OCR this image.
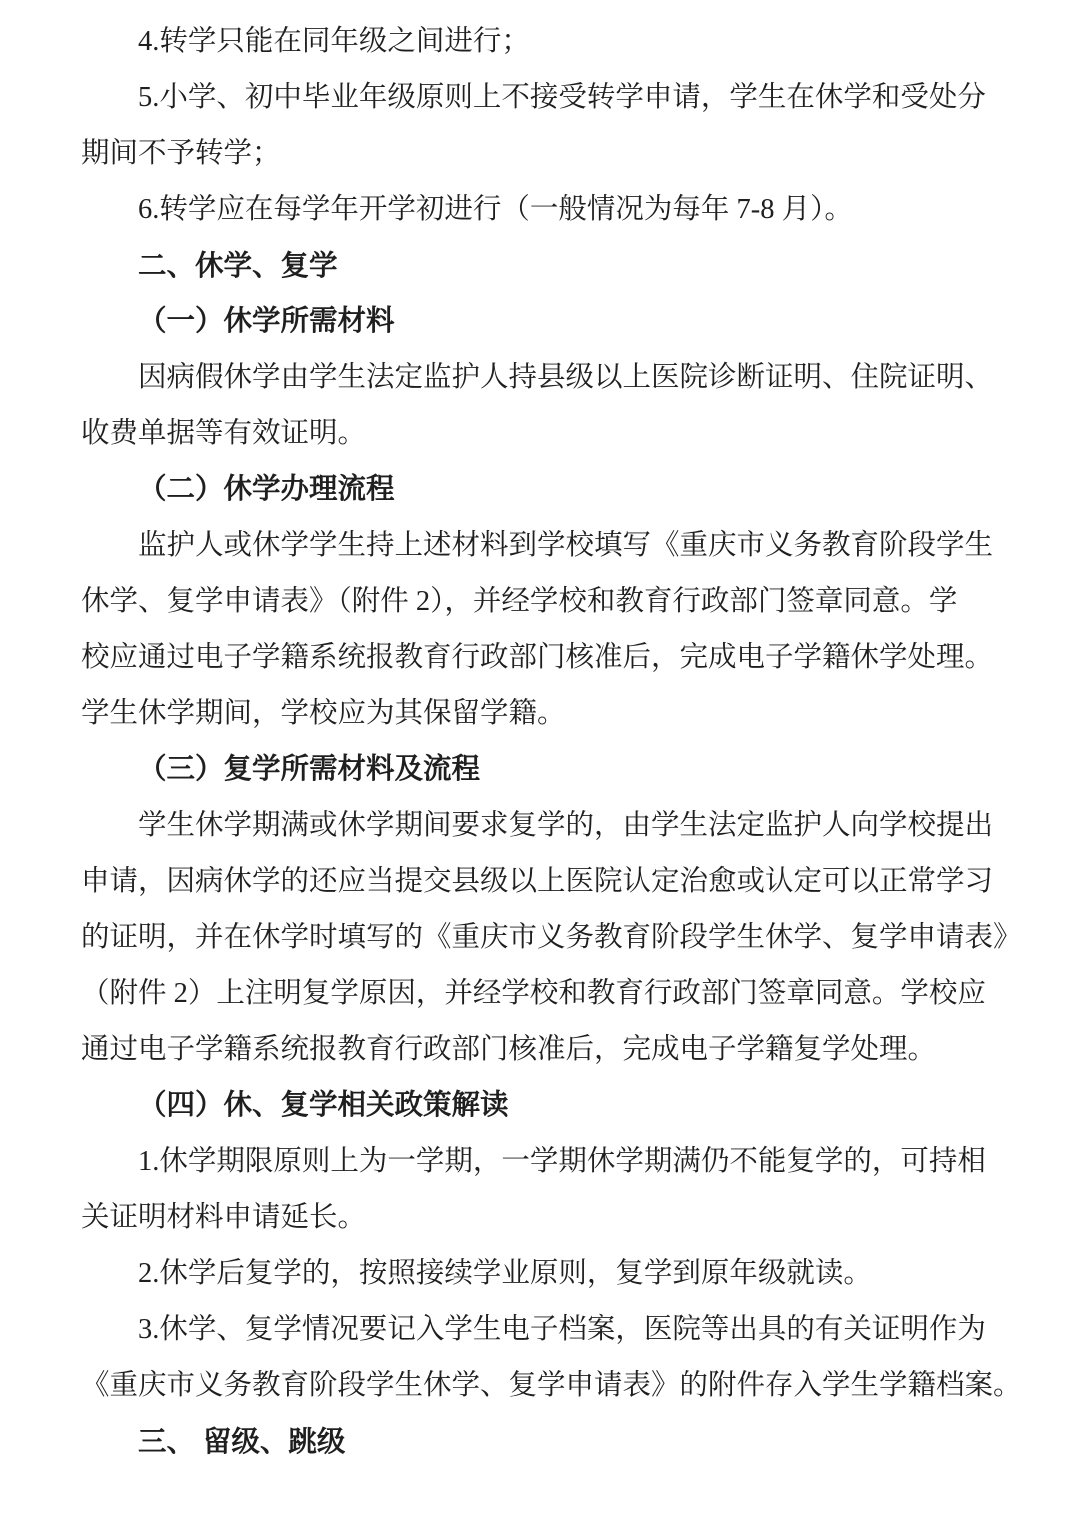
4.转学只能在同年级之间进行；
5.小学、初中毕业年级原则上不接受转学申请，学生在休学和受处分
期间不予转学；
6.转学应在每学年开学初进行（一般情况为每年 7-8 月）。
二、休学、复学
（一）休学所需材料
因病假休学由学生法定监护人持县级以上医院诊断证明、住院证明、
收费单据等有效证明。
（二）休学办理流程
监护人或休学学生持上述材料到学校填写《重庆市义务教育阶段学生
休学、复学申请表》（附件 2），并经学校和教育行政部门签章同意。学
校应通过电子学籍系统报教育行政部门核准后，完成电子学籍休学处理。
学生休学期间，学校应为其保留学籍。
（三）复学所需材料及流程
学生休学期满或休学期间要求复学的，由学生法定监护人向学校提出
申请，因病休学的还应当提交县级以上医院认定治愈或认定可以正常学习
的证明，并在休学时填写的《重庆市义务教育阶段学生休学、复学申请表》
（附件 2）上注明复学原因，并经学校和教育行政部门签章同意。学校应
通过电子学籍系统报教育行政部门核准后，完成电子学籍复学处理。
（四）休、复学相关政策解读
1.休学期限原则上为一学期，一学期休学期满仍不能复学的，可持相
关证明材料申请延长。
2.休学后复学的，按照接续学业原则，复学到原年级就读。
3.休学、复学情况要记入学生电子档案，医院等出具的有关证明作为
《重庆市义务教育阶段学生休学、复学申请表》的附件存入学生学籍档案。
三、 留级、跳级
